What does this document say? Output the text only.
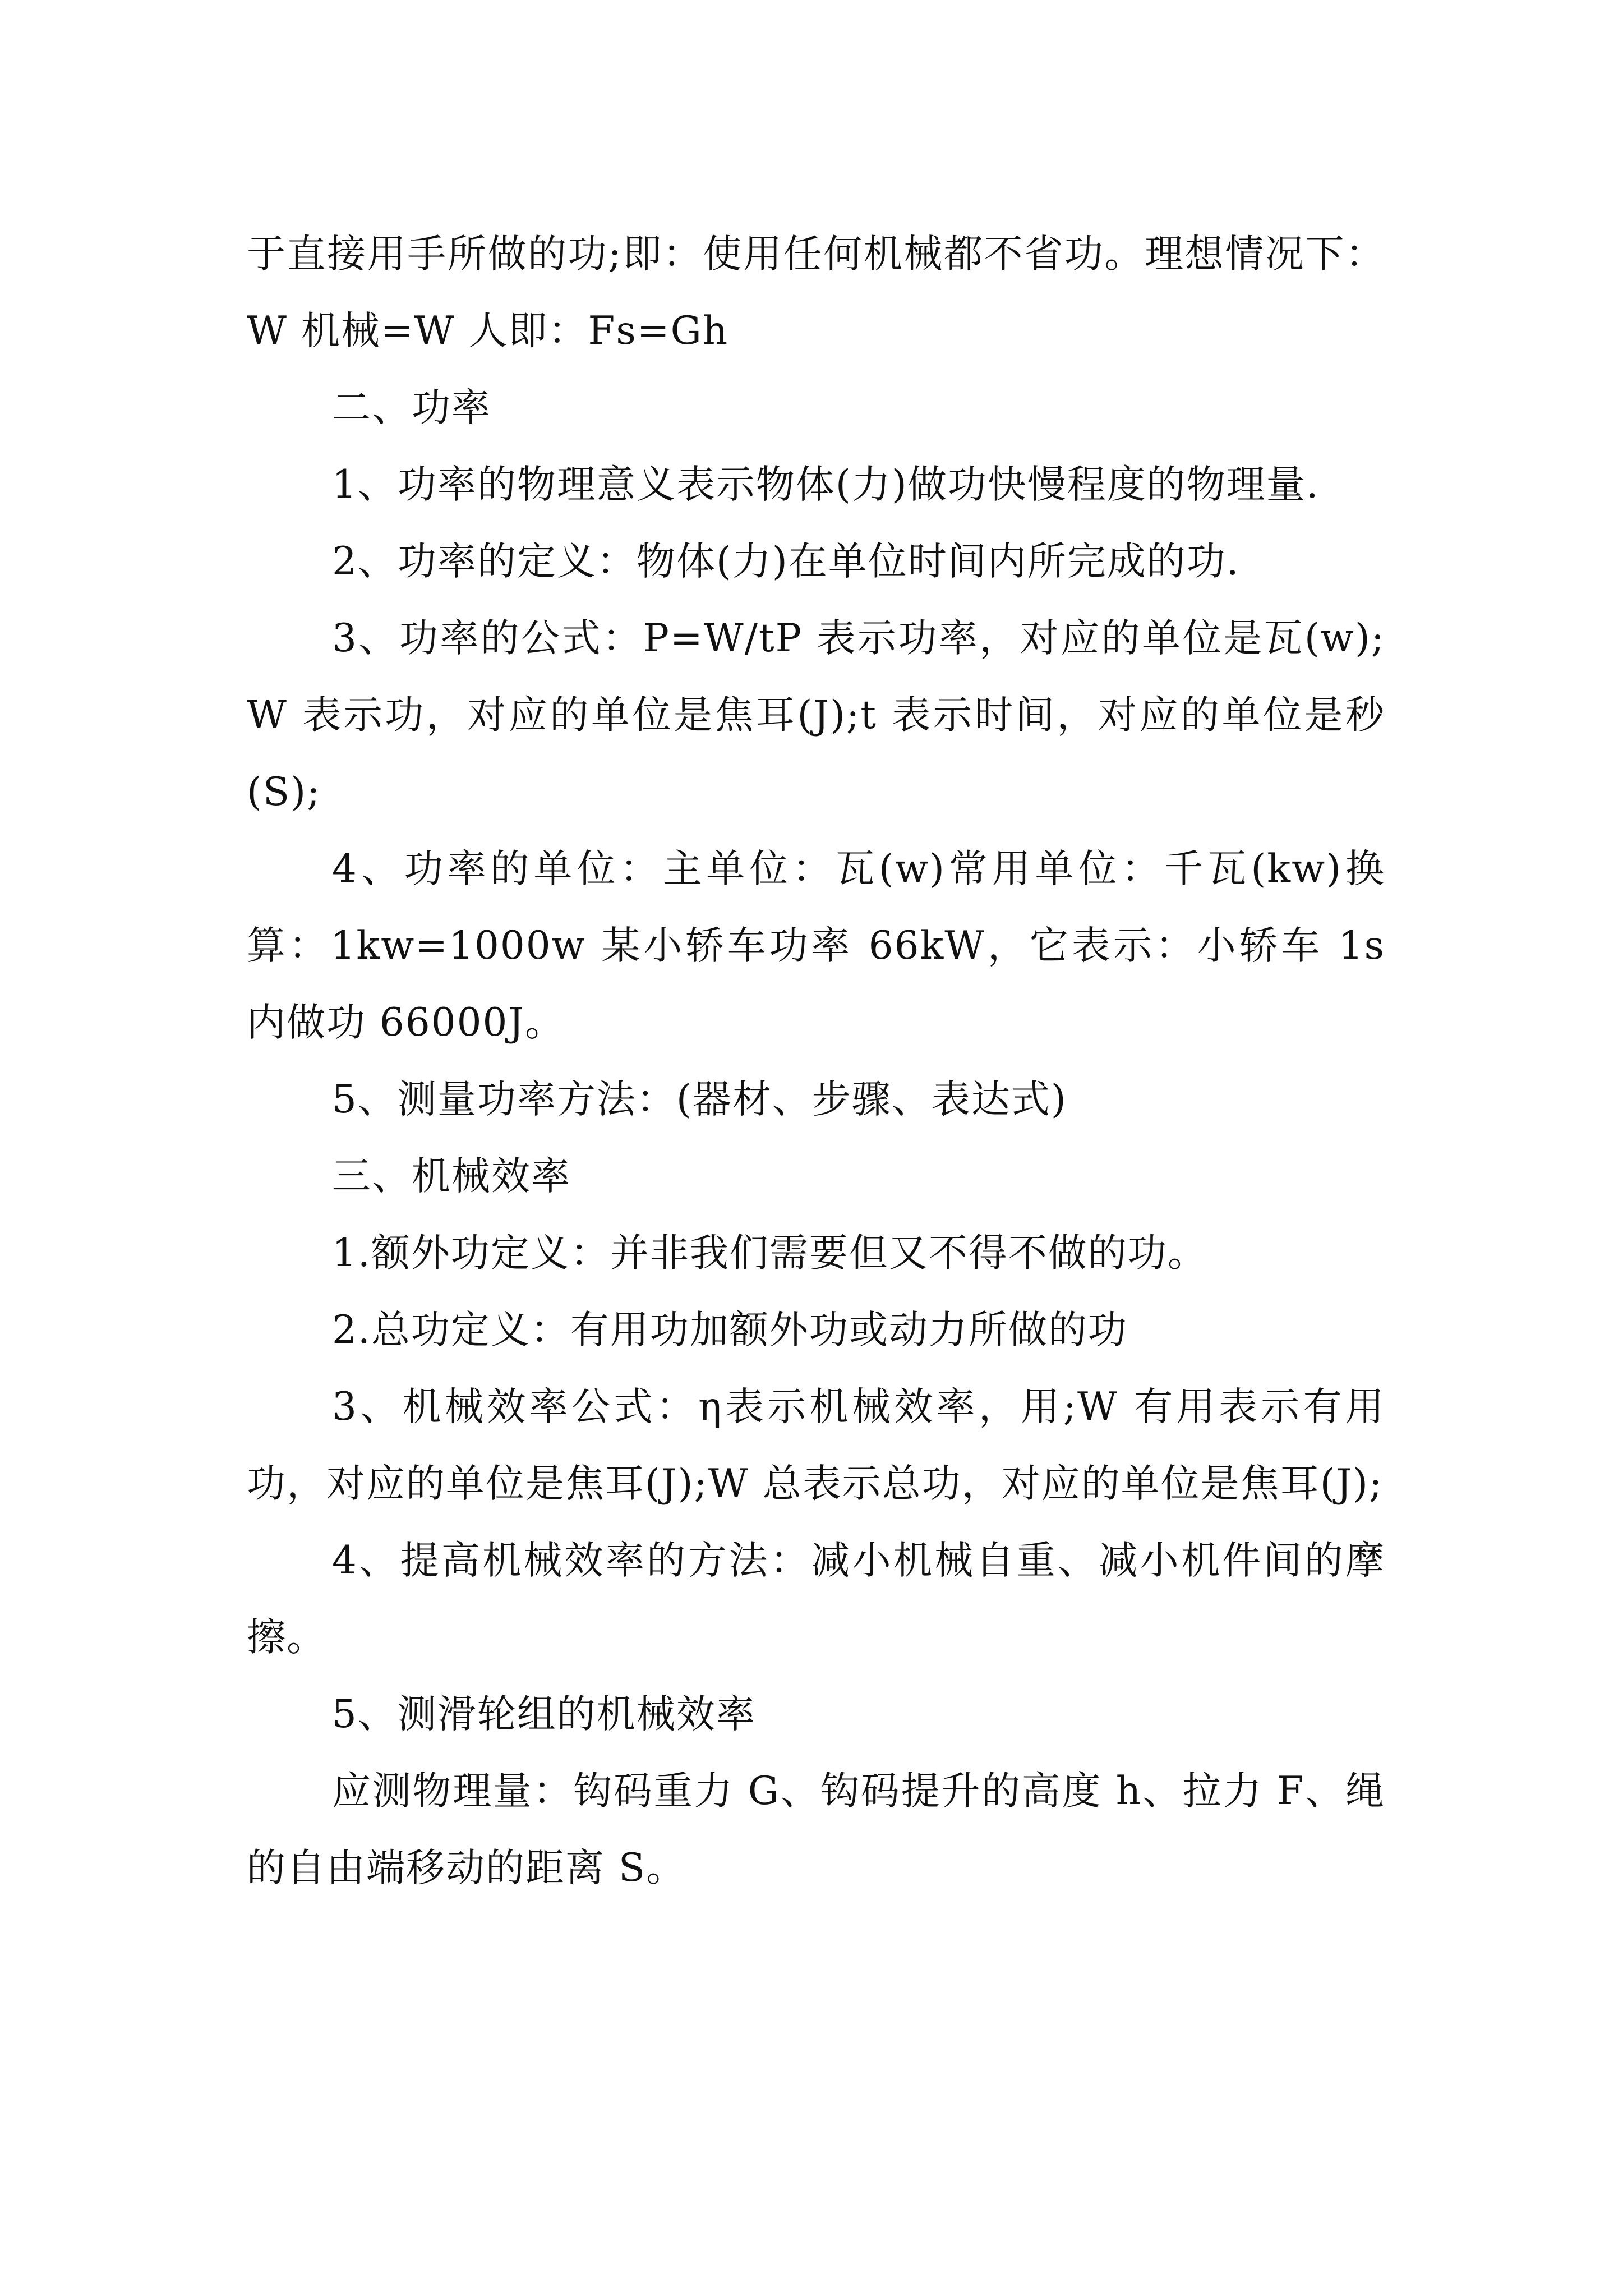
于直接用手所做的功;即：使用任何机械都不省功。理想情况下：W 机械=W 人即：Fs=Gh

二、功率

1、功率的物理意义表示物体(力)做功快慢程度的物理量.

2、功率的定义：物体(力)在单位时间内所完成的功.

3、功率的公式：P=W/tP 表示功率，对应的单位是瓦(w);W 表示功，对应的单位是焦耳(J);t 表示时间，对应的单位是秒(S);

4、功率的单位：主单位：瓦(w)常用单位：千瓦(kw)换算：1kw=1000w 某小轿车功率 66kW，它表示：小轿车 1s 内做功 66000J。

5、测量功率方法：(器材、步骤、表达式)

三、机械效率

1.额外功定义：并非我们需要但又不得不做的功。

2.总功定义：有用功加额外功或动力所做的功

3、机械效率公式：η表示机械效率，用;W 有用表示有用功，对应的单位是焦耳(J);W 总表示总功，对应的单位是焦耳(J);

4、提高机械效率的方法：减小机械自重、减小机件间的摩擦。

5、测滑轮组的机械效率

应测物理量：钩码重力 G、钩码提升的高度 h、拉力 F、绳的自由端移动的距离 S。
